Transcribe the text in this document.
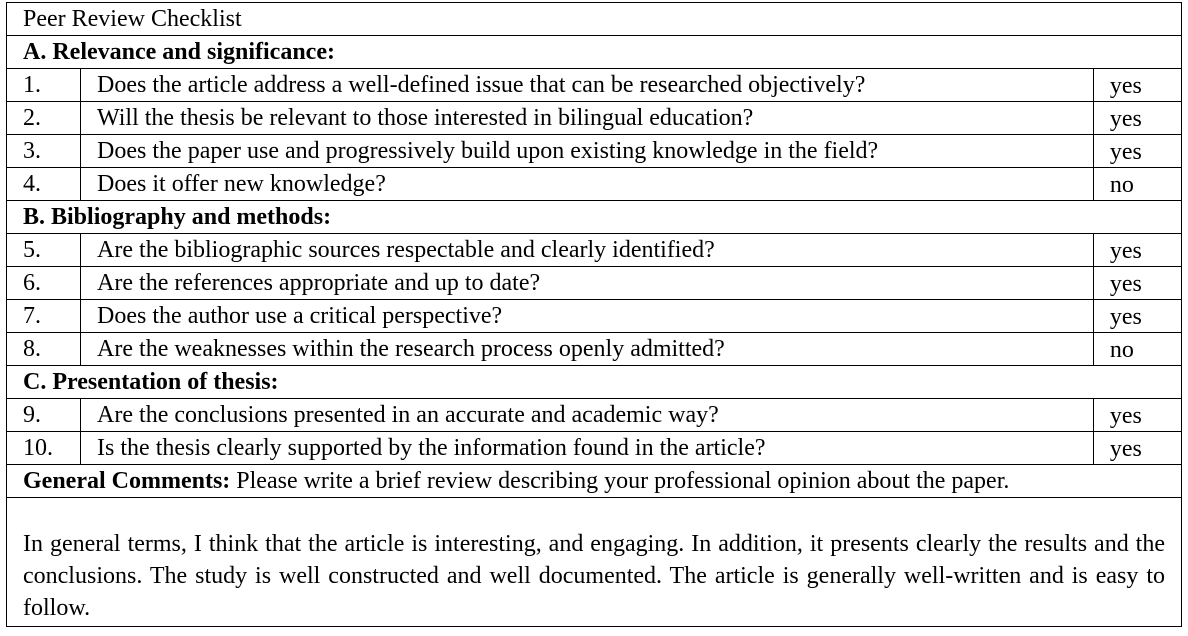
Peer Review Checklist		
A. Relevance and significance:		
1.	Does the article address a well-defined issue that can be researched objectively?	yes
2.	Will the thesis be relevant to those interested in bilingual education?	yes
3.	Does the paper use and progressively build upon existing knowledge in the field?	yes
4.	Does it offer new knowledge?	no
B. Bibliography and methods:		
5.	Are the bibliographic sources respectable and clearly identified?	yes
6.	Are the references appropriate and up to date?	yes
7.	Does the author use a critical perspective?	yes
8.	Are the weaknesses within the research process openly admitted?	no
C. Presentation of thesis:		
9.	Are the conclusions presented in an accurate and academic way?	yes
10.	Is the thesis clearly supported by the information found in the article?	yes
General Comments: Please write a brief review describing your professional opinion about the paper.		

In general terms, I think that the article is interesting, and engaging. In addition, it presents clearly the results and the conclusions. The study is well constructed and well documented. The article is generally well-written and is easy to follow.		
